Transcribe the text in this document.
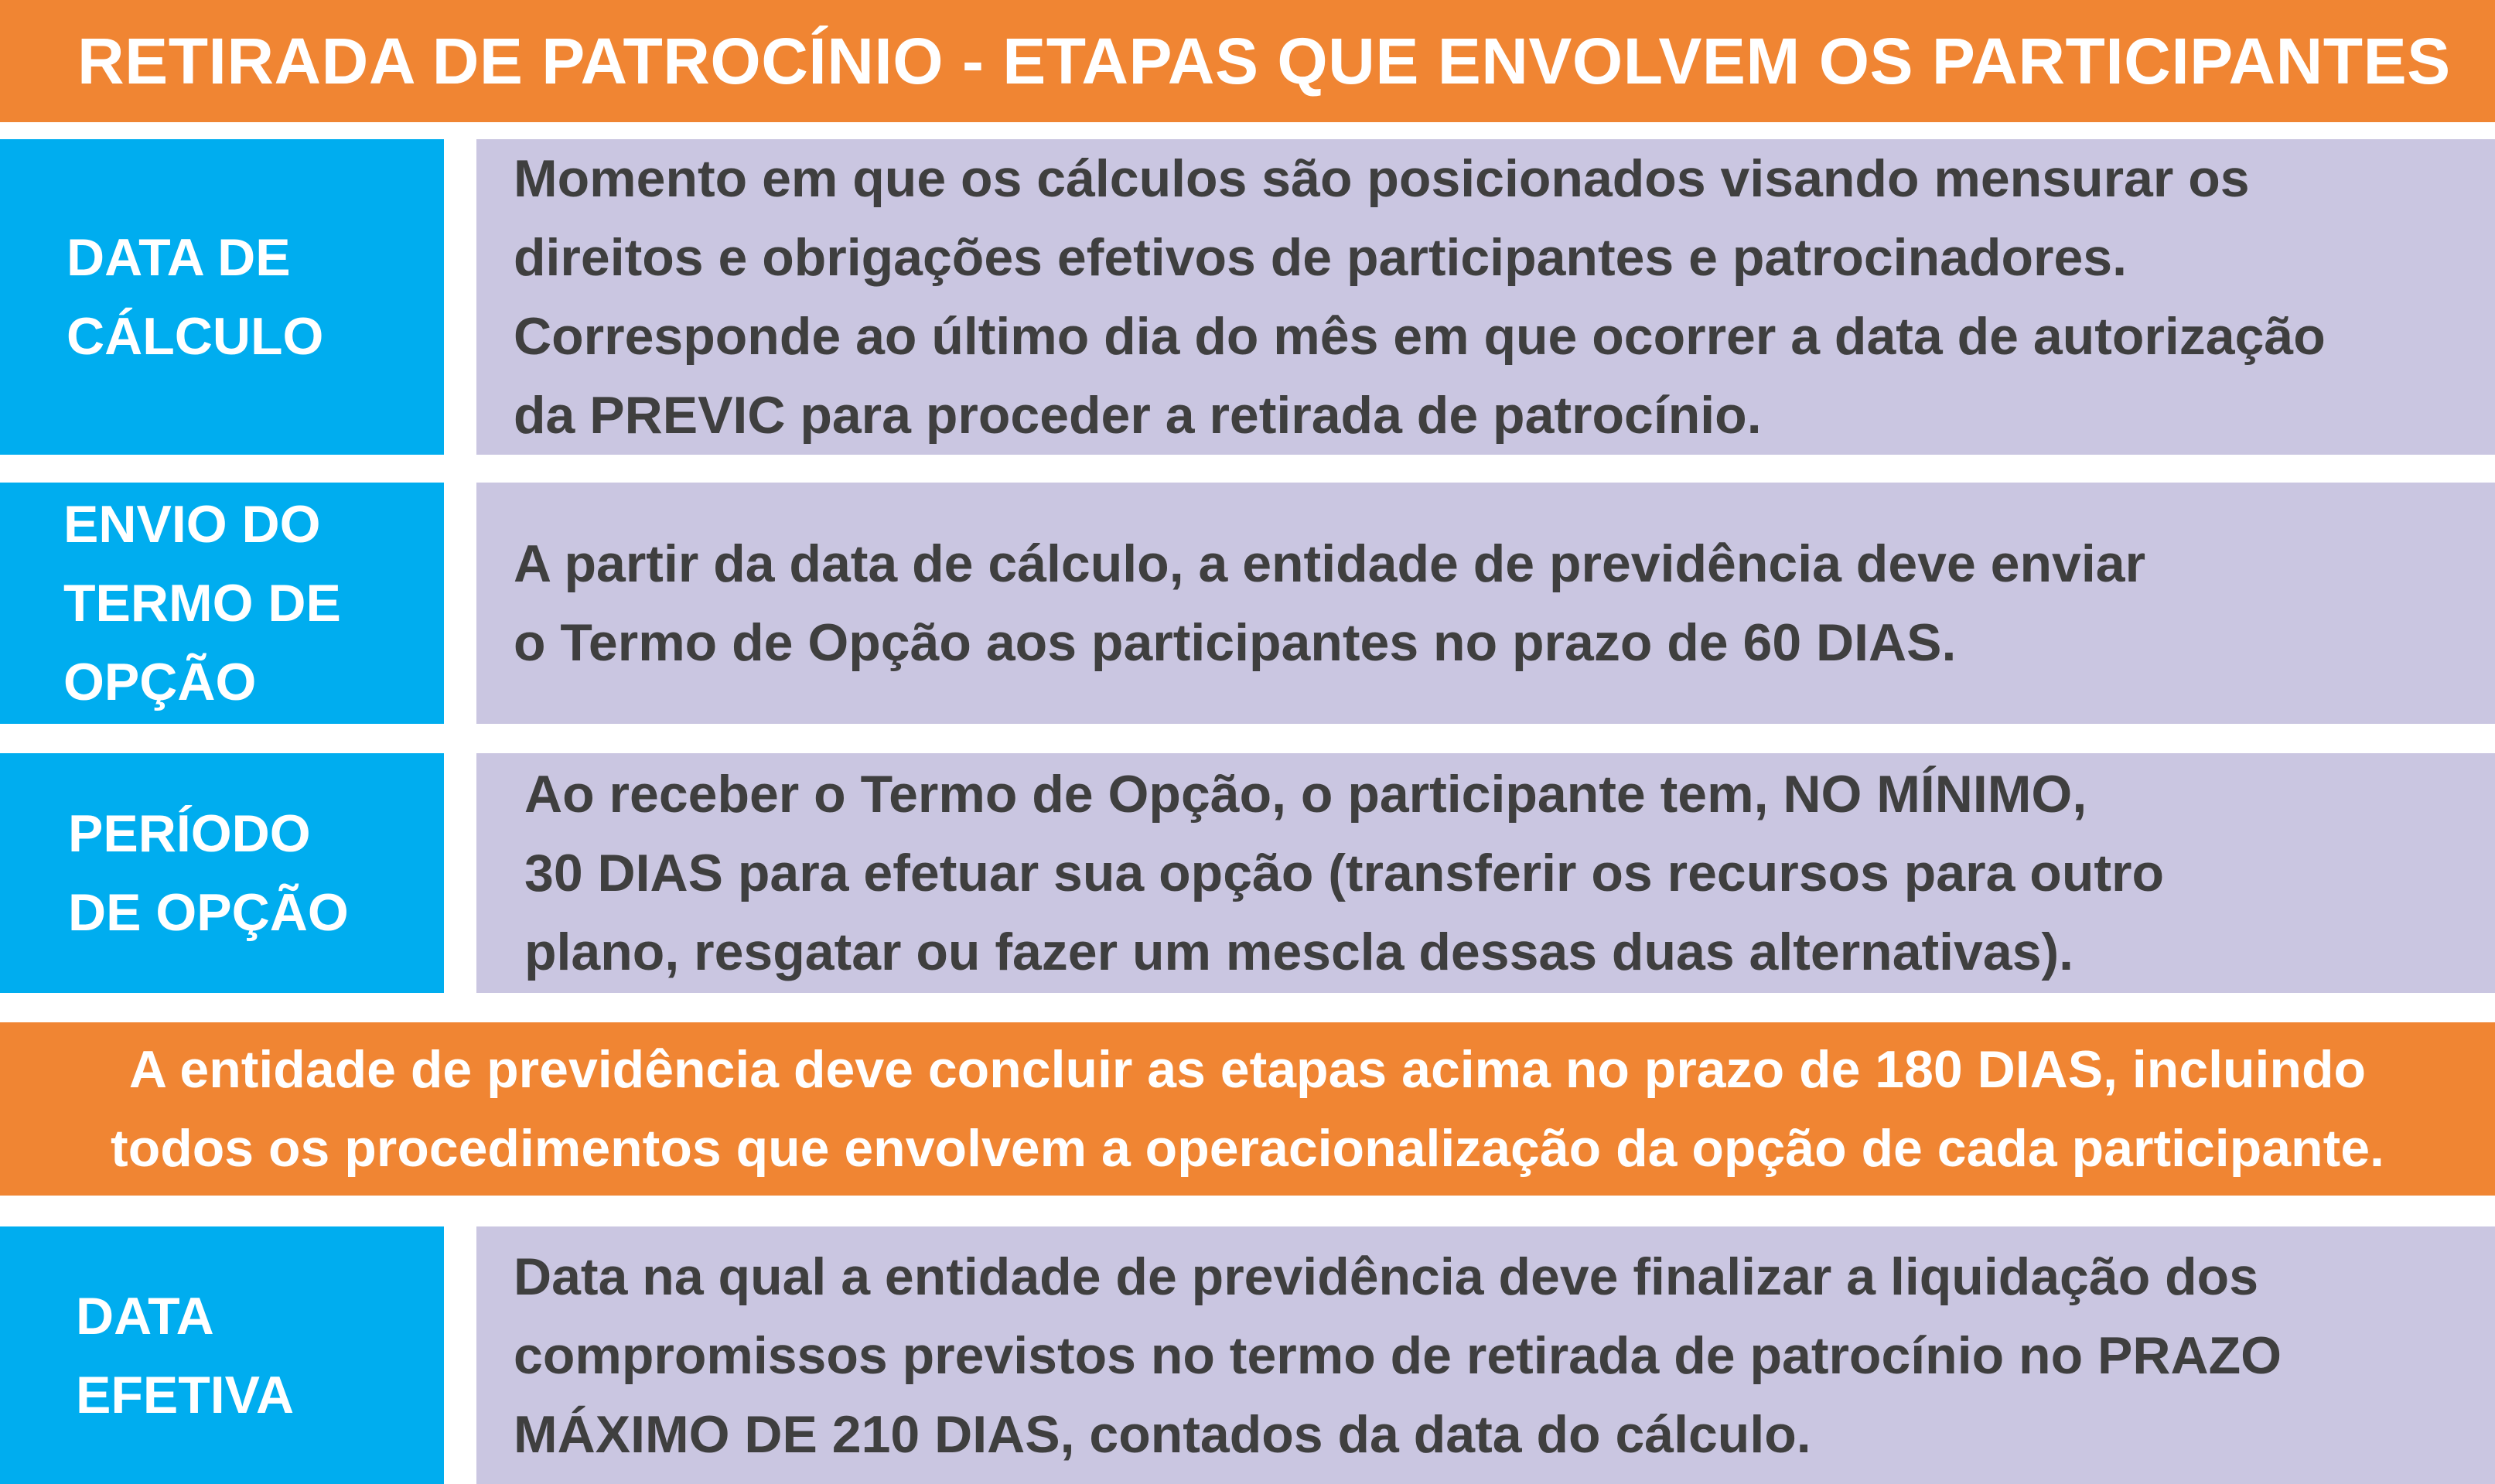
RETIRADA DE PATROCÍNIO - ETAPAS QUE ENVOLVEM OS PARTICIPANTES
DATA DE
CÁLCULO
Momento em que os cálculos são posicionados visando mensurar os
direitos e obrigações efetivos de participantes e patrocinadores.
Corresponde ao último dia do mês em que ocorrer a data de autorização
da PREVIC para proceder a retirada de patrocínio.
ENVIO DO
TERMO DE
OPÇÃO
A partir da data de cálculo, a entidade de previdência deve enviar
o Termo de Opção aos participantes no prazo de 60 DIAS.
PERÍODO
DE OPÇÃO
Ao receber o Termo de Opção, o participante tem, NO MÍNIMO,
30 DIAS para efetuar sua opção (transferir os recursos para outro
plano, resgatar ou fazer um mescla dessas duas alternativas).
A entidade de previdência deve concluir as etapas acima no prazo de 180 DIAS, incluindo
todos os procedimentos que envolvem a operacionalização da opção de cada participante.
DATA
EFETIVA
Data na qual a entidade de previdência deve finalizar a liquidação dos
compromissos previstos no termo de retirada de patrocínio no PRAZO
MÁXIMO DE 210 DIAS, contados da data do cálculo.
